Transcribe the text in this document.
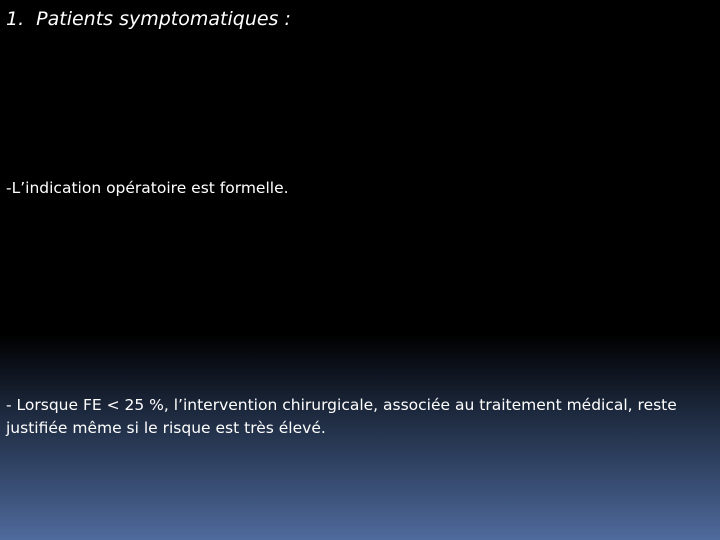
1. Patients symptomatiques :

-L’indication opératoire est formelle.

- Lorsque FE < 25 %, l’intervention chirurgicale, associée au traitement médical, reste justifiée même si le risque est très élevé.
